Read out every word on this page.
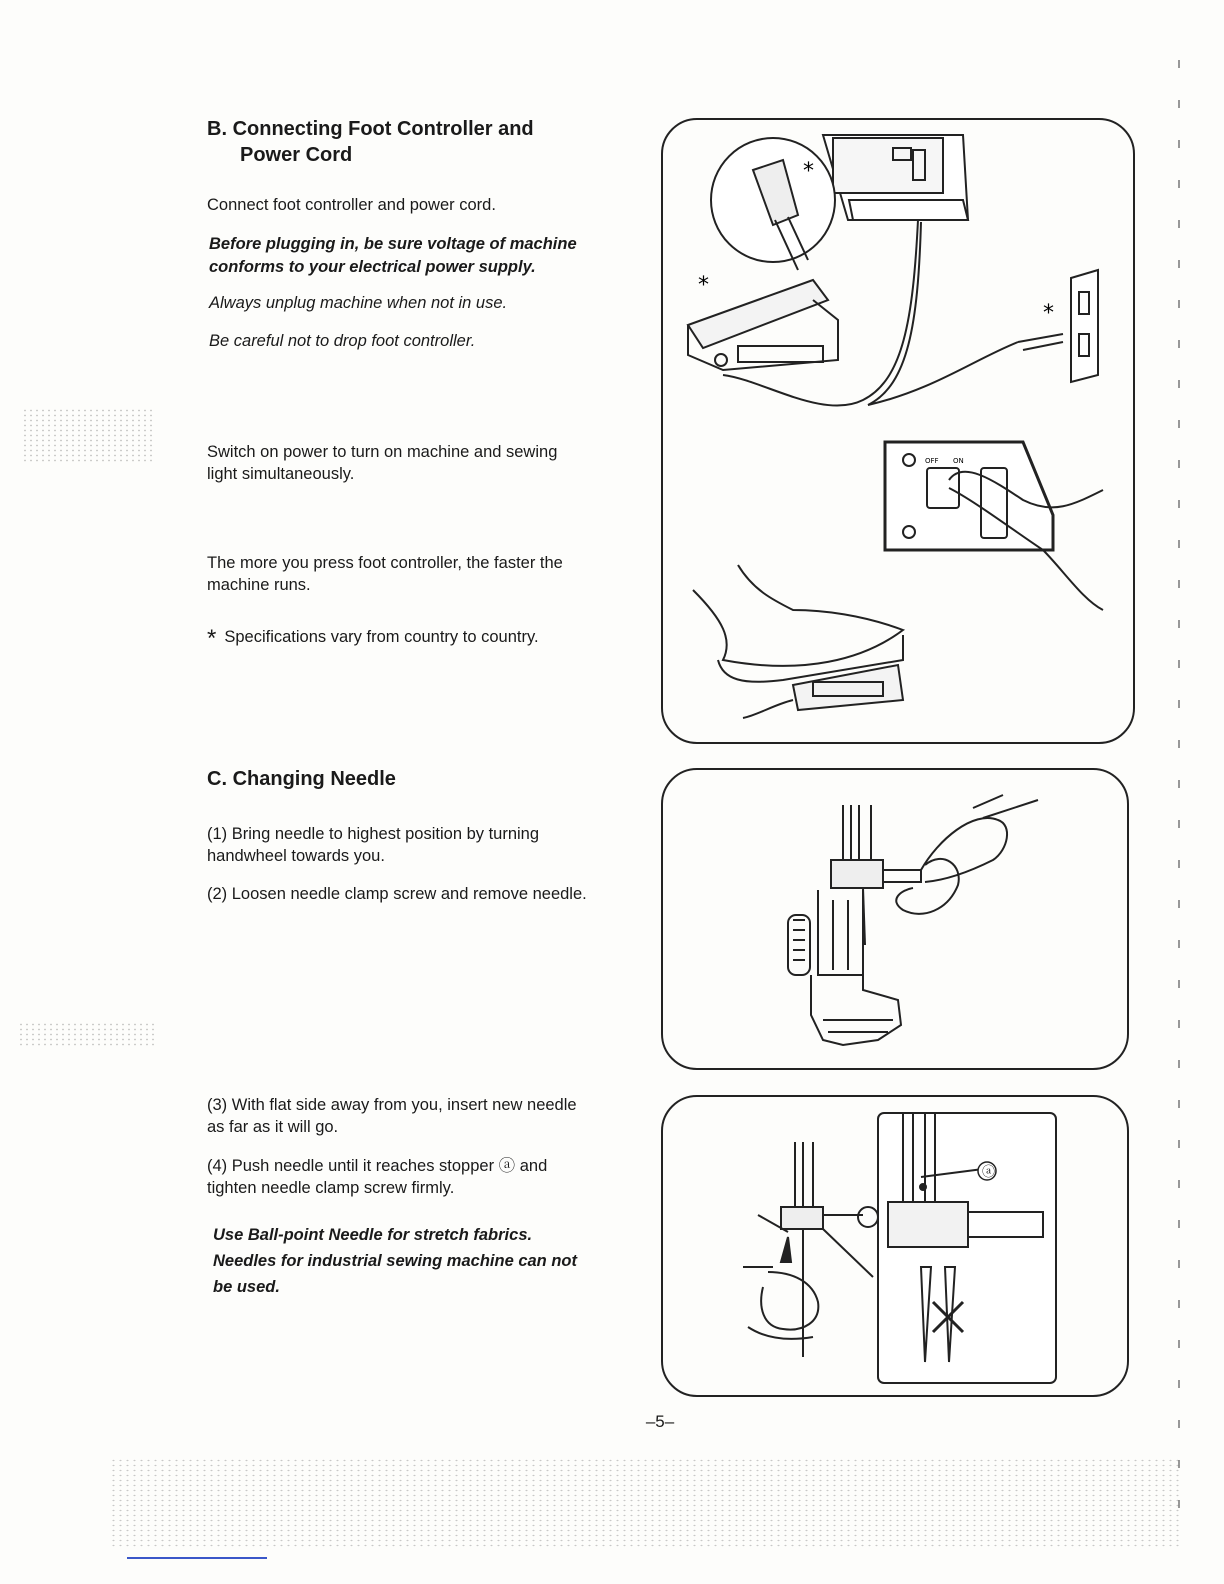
B. Connecting Foot Controller and
Power Cord
Connect foot controller and power cord.
Before plugging in, be sure voltage of machine
conforms to your electrical power supply.
Always unplug machine when not in use.
Be careful not to drop foot controller.
Switch on power to turn on machine and sewing
light simultaneously.
The more you press foot controller, the faster the
machine runs.
* Specifications vary from country to country.
*
*
*
OFF ON
C. Changing Needle
(1) Bring needle to highest position by turning
handwheel towards you.
(2) Loosen needle clamp screw and remove needle.
(3) With flat side away from you, insert new needle
as far as it will go.
(4) Push needle until it reaches stopper ⓐ and
tighten needle clamp screw firmly.
Use Ball-point Needle for stretch fabrics.
Needles for industrial sewing machine can not
be used.
ⓐ
–5–
